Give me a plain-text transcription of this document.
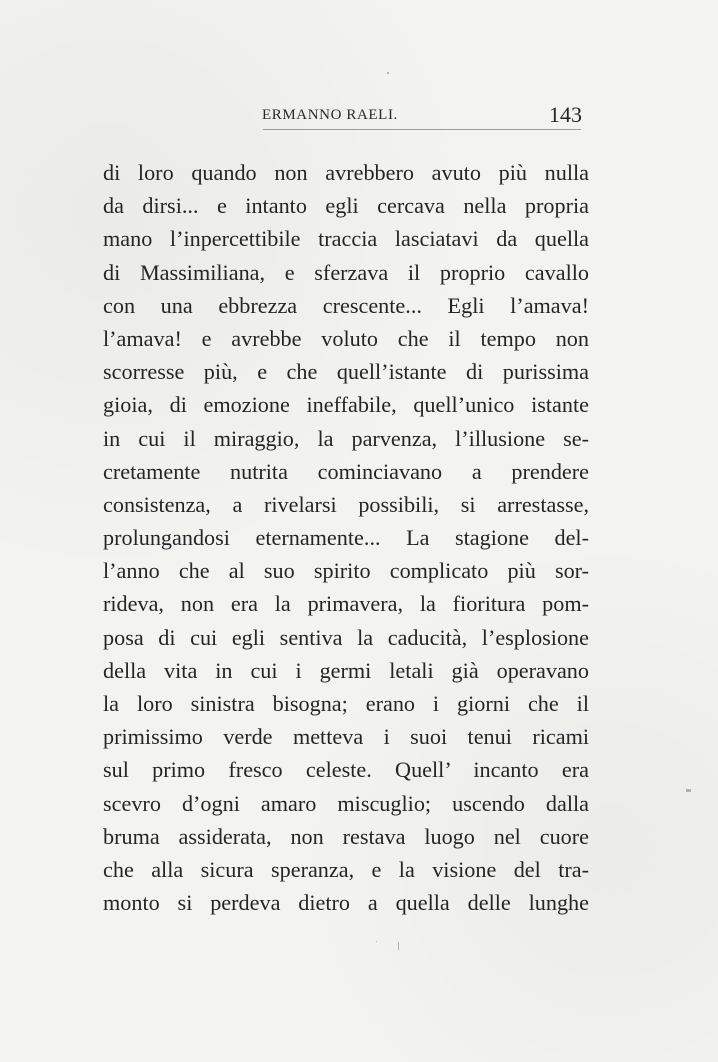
ERMANNO RAELI.	143
di loro quando non avrebbero avuto più nulla
da dirsi... e intanto egli cercava nella propria
mano l’inpercettibile traccia lasciatavi da quella
di Massimiliana, e sferzava il proprio cavallo
con una ebbrezza crescente... Egli l’amava!
l’amava! e avrebbe voluto che il tempo non
scorresse più, e che quell’istante di purissima
gioia, di emozione ineffabile, quell’unico istante
in cui il miraggio, la parvenza, l’illusione se-
cretamente nutrita cominciavano a prendere
consistenza, a rivelarsi possibili, si arrestasse,
prolungandosi eternamente... La stagione del-
l’anno che al suo spirito complicato più sor-
rideva, non era la primavera, la fioritura pom-
posa di cui egli sentiva la caducità, l’esplosione
della vita in cui i germi letali già operavano
la loro sinistra bisogna; erano i giorni che il
primissimo verde metteva i suoi tenui ricami
sul primo fresco celeste. Quell’ incanto era
scevro d’ogni amaro miscuglio; uscendo dalla
bruma assiderata, non restava luogo nel cuore
che alla sicura speranza, e la visione del tra-
monto si perdeva dietro a quella delle lunghe
